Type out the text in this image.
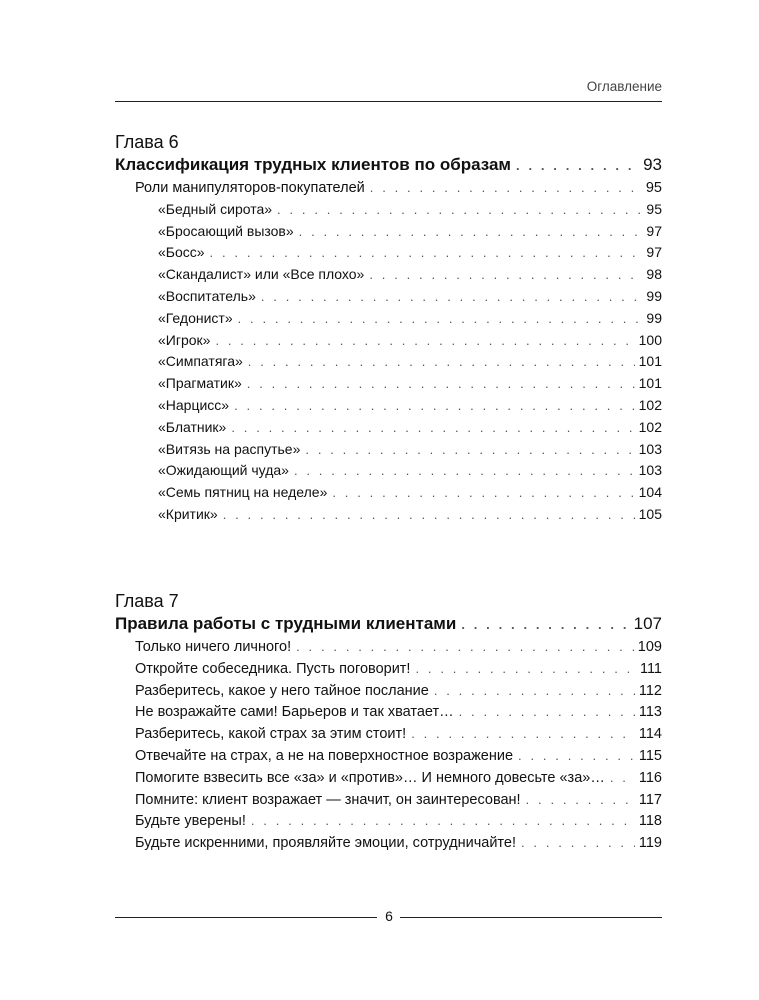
Оглавление
Глава 6
Классификация трудных клиентов по образам . . .	93
Роли манипуляторов-покупателей . . .	95
«Бедный сирота» . . .	95
«Бросающий вызов» . . .	97
«Босс» . . .	97
«Скандалист» или «Все плохо» . . .	98
«Воспитатель» . . .	99
«Гедонист» . . .	99
«Игрок» . . .	100
«Симпатяга» . . .	101
«Прагматик» . . .	101
«Нарцисс» . . .	102
«Блатник» . . .	102
«Витязь на распутье» . . .	103
«Ожидающий чуда» . . .	103
«Семь пятниц на неделе» . . .	104
«Критик» . . .	105
Глава 7
Правила работы с трудными клиентами . . .	107
Только ничего личного! . . .	109
Откройте собеседника. Пусть поговорит! . . .	111
Разберитесь, какое у него тайное послание . . .	112
Не возражайте сами! Барьеров и так хватает… . . .	113
Разберитесь, какой страх за этим стоит! . . .	114
Отвечайте на страх, а не на поверхностное возражение . . .	115
Помогите взвесить все «за» и «против»… И немного довесьте «за»… . . . 116
Помните: клиент возражает — значит, он заинтересован! . . .	117
Будьте уверены! . . .	118
Будьте искренними, проявляйте эмоции, сотрудничайте! . . .	119
6
